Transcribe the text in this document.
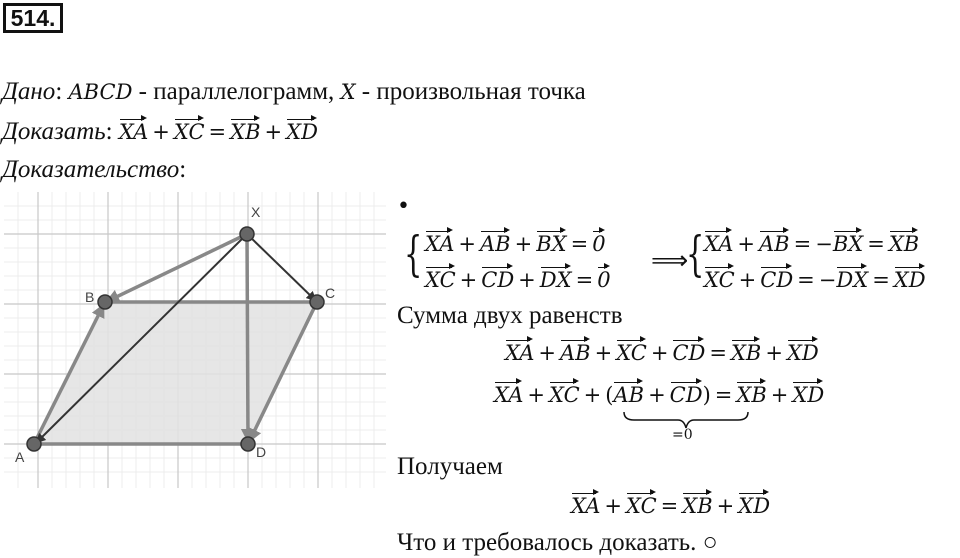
514.
Дано: ABCD - параллелограмм, X - произвольная точка
Доказать: XA + XC = XB + XD
Доказательство:
X
B	C
A	D
•
{ XA + AB + BX = 0
XC + CD + DX = 0
⟹
{ XA + AB = −BX = XB
XC + CD = −DX = XD
Сумма двух равенств
XA + AB + XC + CD = XB + XD
XA + XC + (AB + CD) = XB + XD
=0
Получаем
XA + XC = XB + XD
Что и требовалось доказать. ○
